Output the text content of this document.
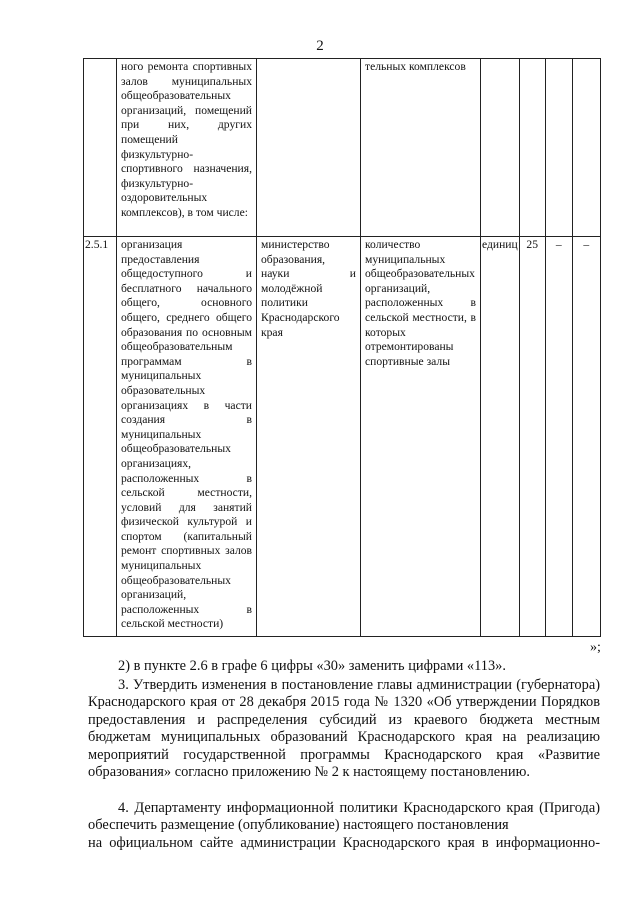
2
	ного ремонта спортивных залов муниципальных общеобразовательных организаций, помещений при них, других помещений физкультурно-спортивного назначения, физкультурно-оздоровительных комплексов), в том числе:		тельных комплексов				
2.5.1	организация предоставления общедоступного и бесплатного начального общего, основного общего, среднего общего образования по основным общеобразовательным программам в муниципальных образовательных организациях в части создания в муниципальных общеобразовательных организациях, расположенных в сельской местности, условий для занятий физической культурой и спортом (капитальный ремонт спортивных залов муниципальных общеобразовательных организаций, расположенных в сельской местности)	министерство образования, науки и молодёжной политики Краснодарского края	количество муниципальных общеобразовательных организаций, расположенных в сельской местности, в которых отремонтированы спортивные залы	единиц	25	–	–
»;
2) в пункте 2.6 в графе 6 цифры «30» заменить цифрами «113».
3. Утвердить изменения в постановление главы администрации (губернатора) Краснодарского края от 28 декабря 2015 года № 1320 «Об утверждении Порядков предоставления и распределения субсидий из краевого бюджета местным бюджетам муниципальных образований Краснодарского края на реализацию мероприятий государственной программы Краснодарского края «Развитие образования» согласно приложению № 2 к настоящему постановлению.
4. Департаменту информационной политики Краснодарского края (Пригода) обеспечить размещение (опубликование) настоящего постановления
на официальном сайте администрации Краснодарского края в информационно-
